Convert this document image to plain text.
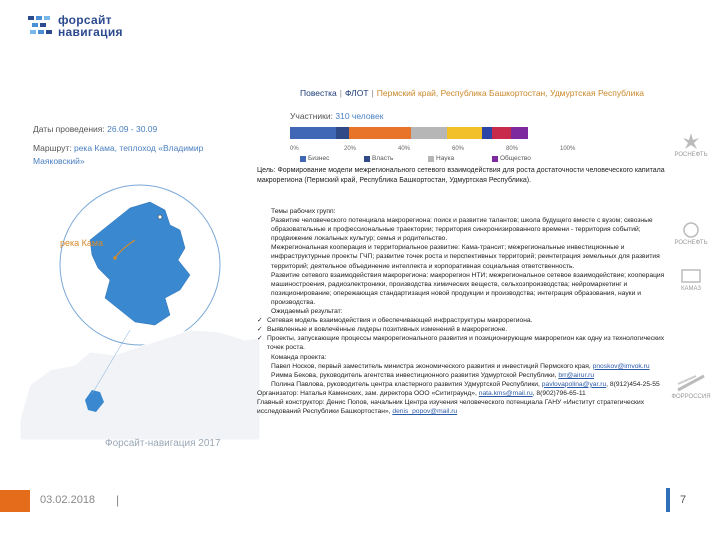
форсайт
навигация
Повестка | ФЛОТ | Пермский край, Республика Башкортостан, Удмуртская Республика
Даты проведения: 26.09 - 30.09
Маршрут: река Кама, теплоход «Владимир Маяковский»
Участники: 310 человек
0%	20%	40%	60%	80%	100%
Бизнес	Власть	Наука	Общество
река Кама
Форсайт-навигация 2017
Цель: Формирование модели межрегионального сетевого взаимодействия для роста достаточности человеческого капитала макрорегиона (Пермский край, Республика Башкортостан, Удмуртская Республика).

Темы рабочих групп:

Развитие человеческого потенциала макрорегиона: поиск и развитие талантов; школа будущего вместе с вузом; сквозные образовательные и профессиональные траектории; территория синхронизированного времени - территория событий; продвижение локальных культур; семья и родительство.

Межрегиональная кооперация и территориальное развитие: Кама-трансит; межрегиональные инвестиционные и инфраструктурные проекты ГЧП; развитие точек роста и перспективных территорий; реинтеграция земельных для развития территорий; деятельное объединение интеллекта и корпоративная социальная ответственность.

Развитие сетевого взаимодействия макрорегиона: макрорегион НТИ; межрегиональное сетевое взаимодействие; кооперация машиностроения, радиоэлектроники, производства химических веществ, сельхозпроизводства; нейромаркетинг и позиционирование; опережающая стандартизация новой продукции и производства; интеграция образования, науки и производства.

Ожидаемый результат:

✓ Сетевая модель взаимодействия и обеспечивающей инфраструктуры макрорегиона.

✓ Выявленные и вовлечённые лидеры позитивных изменений в макрорегионе.

✓ Проекты, запускающие процессы макрорегионального развития и позиционирующие макрорегион как одну из технологических точек роста.

Команда проекта:

Павел Носков, первый заместитель министра экономического развития и инвестиций Пермского края, pnoskov@imvok.ru

Римма Бекова, руководитель агентства инвестиционного развития Удмуртской Республики, brr@airur.ru

Полина Павлова, руководитель центра кластерного развития Удмуртской Республики, pavlovapolina@yar.ru, 8(912)454-25-55

Организатор: Наталья Каменских, зам. директора ООО «Ситиграунд», nata.kms@mail.ru, 8(902)796-65-11

Главный конструктор: Денис Попов, начальник Центра изучения человеческого потенциала ГАНУ «Институт стратегических исследований Республики Башкортостан», denis_popov@mail.ru

РОСНЕФТЬ
РОСНЕФТЬ
КАМАЗ
ФОРРОССИЯ
03.02.2018 |	7
